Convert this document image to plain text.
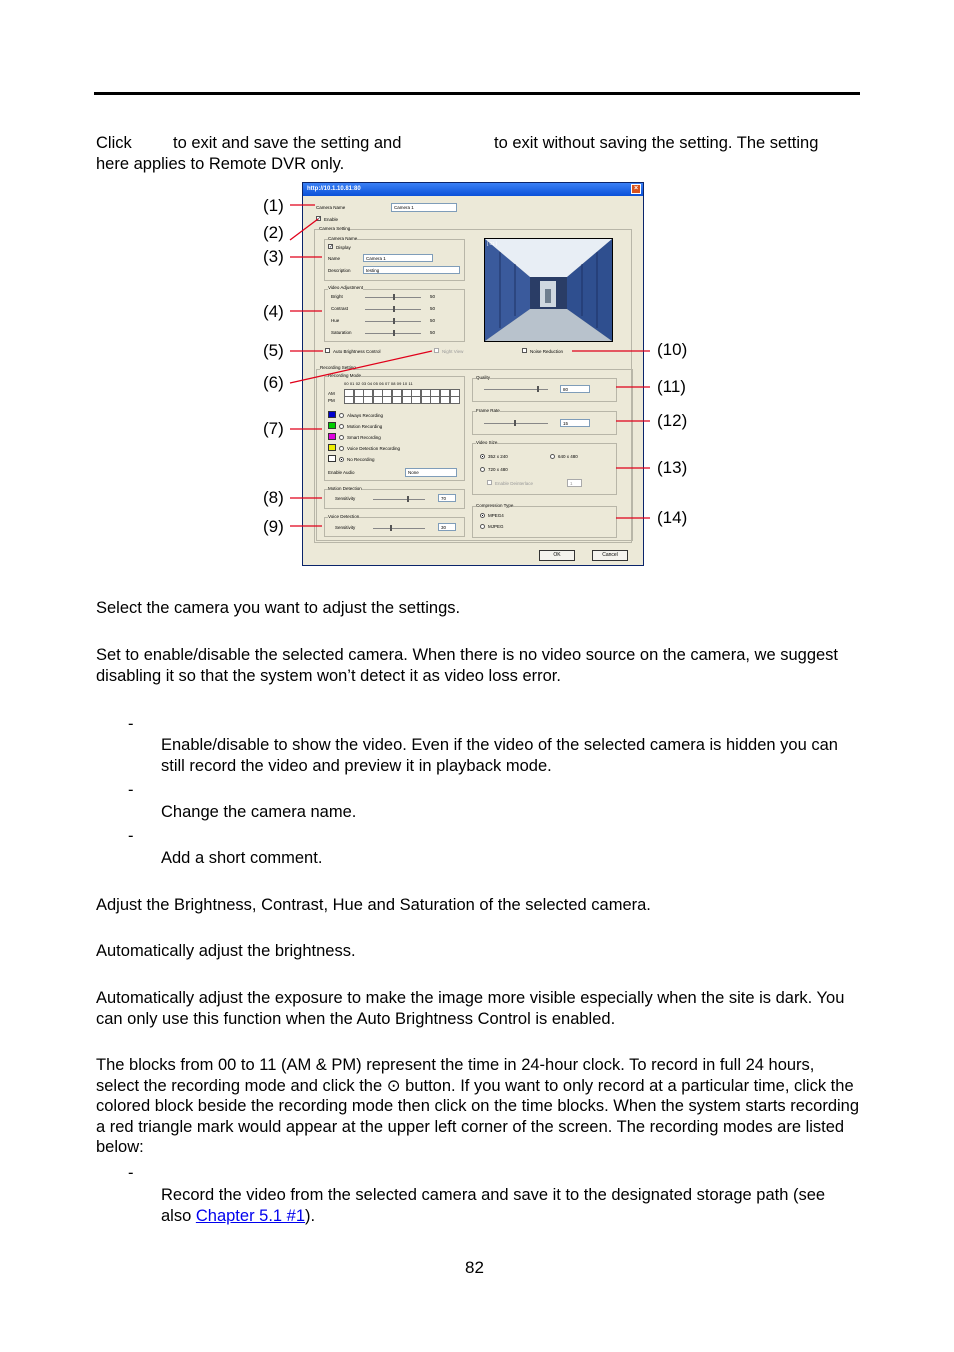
Click	to exit and save the setting and	to exit without saving the setting. The setting
here applies to Remote DVR only.
(1)
(2)
(3)
(4)
(5)
(6)
(7)
(8)
(9)
(10)
(11)
(12)
(13)
(14)
http://10.1.10.81:80	×
Camera Name	Camera 1
✓ Enable
Camera Setting
Camera Name
✓ Display
Name	Camera 1
Description	testing
Video Adjustment
Bright	50
Contrast	50
Hue	50
Saturation	50
[ 01 ]
Auto Brightness Control	Night View	Noise Reduction
Recording Setting
Recording Mode
00 01 02 03 04 05 06 07 08 09 10 11
AM
PM
Always Recording
Motion Recording
Smart Recording
Voice Detection Recording
No Recording
Enable Audio	None
Motion Detection
Sensitivity	70
Voice Detection
Sensitivity	30
Quality
80
Frame Rate
15
Video Size
352 x 240	640 x 480
720 x 480
Enable Deinterlace	1
Compression Type
MPEG4
MJPEG
OK	Cancel
Select the camera you want to adjust the settings.
Set to enable/disable the selected camera. When there is no video source on the camera, we suggest disabling it so that the system won’t detect it as video loss error.
-
Enable/disable to show the video. Even if the video of the selected camera is hidden you can still record the video and preview it in playback mode.
-
Change the camera name.
-
Add a short comment.
Adjust the Brightness, Contrast, Hue and Saturation of the selected camera.
Automatically adjust the brightness.
Automatically adjust the exposure to make the image more visible especially when the site is dark. You can only use this function when the Auto Brightness Control is enabled.
The blocks from 00 to 11 (AM & PM) represent the time in 24-hour clock. To record in full 24 hours, select the recording mode and click the ⊙ button. If you want to only record at a particular time, click the colored block beside the recording mode then click on the time blocks. When the system starts recording a red triangle mark would appear at the upper left corner of the screen. The recording modes are listed below:
-
Record the video from the selected camera and save it to the designated storage path (see also Chapter 5.1 #1).
82
